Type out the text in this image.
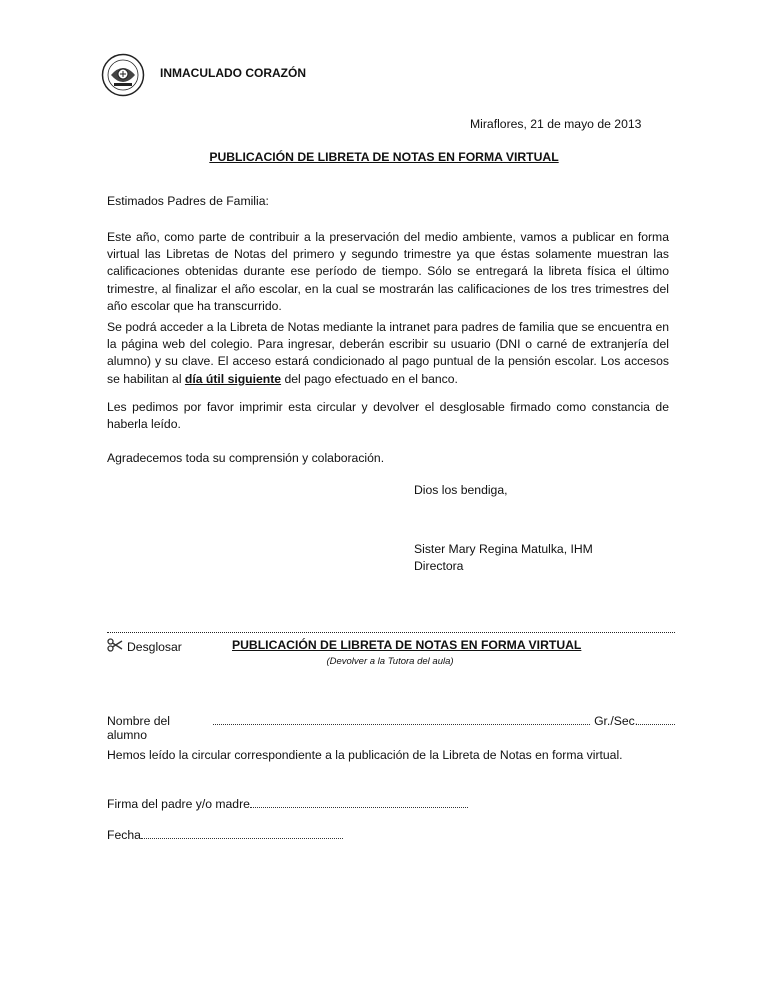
INMACULADO CORAZÓN
Miraflores, 21 de mayo de 2013
PUBLICACIÓN DE LIBRETA DE NOTAS EN FORMA VIRTUAL
Estimados Padres de Familia:
Este año, como parte de contribuir a la preservación del medio ambiente, vamos a publicar en forma virtual las Libretas de Notas del primero y segundo trimestre ya que éstas solamente muestran las calificaciones obtenidas durante ese período de tiempo. Sólo se entregará la libreta física el último trimestre, al finalizar el año escolar, en la cual se mostrarán las calificaciones de los tres trimestres del año escolar que ha transcurrido.
Se podrá acceder a la Libreta de Notas mediante la intranet para padres de familia que se encuentra en la página web del colegio. Para ingresar, deberán escribir su usuario (DNI o carné de extranjería del alumno) y su clave. El acceso estará condicionado al pago puntual de la pensión escolar. Los accesos se habilitan al día útil siguiente del pago efectuado en el banco.
Les pedimos por favor imprimir esta circular y devolver el desglosable firmado como constancia de haberla leído.
Agradecemos toda su comprensión y colaboración.
Dios los bendiga,
Sister Mary Regina Matulka, IHM
Directora
Desglosar	PUBLICACIÓN DE LIBRETA DE NOTAS EN FORMA VIRTUAL
(Devolver a la Tutora del aula)
Nombre del alumno
Gr./Sec.
Hemos leído la circular correspondiente a la publicación de la Libreta de Notas en forma virtual.
Firma del padre y/o madre
Fecha
